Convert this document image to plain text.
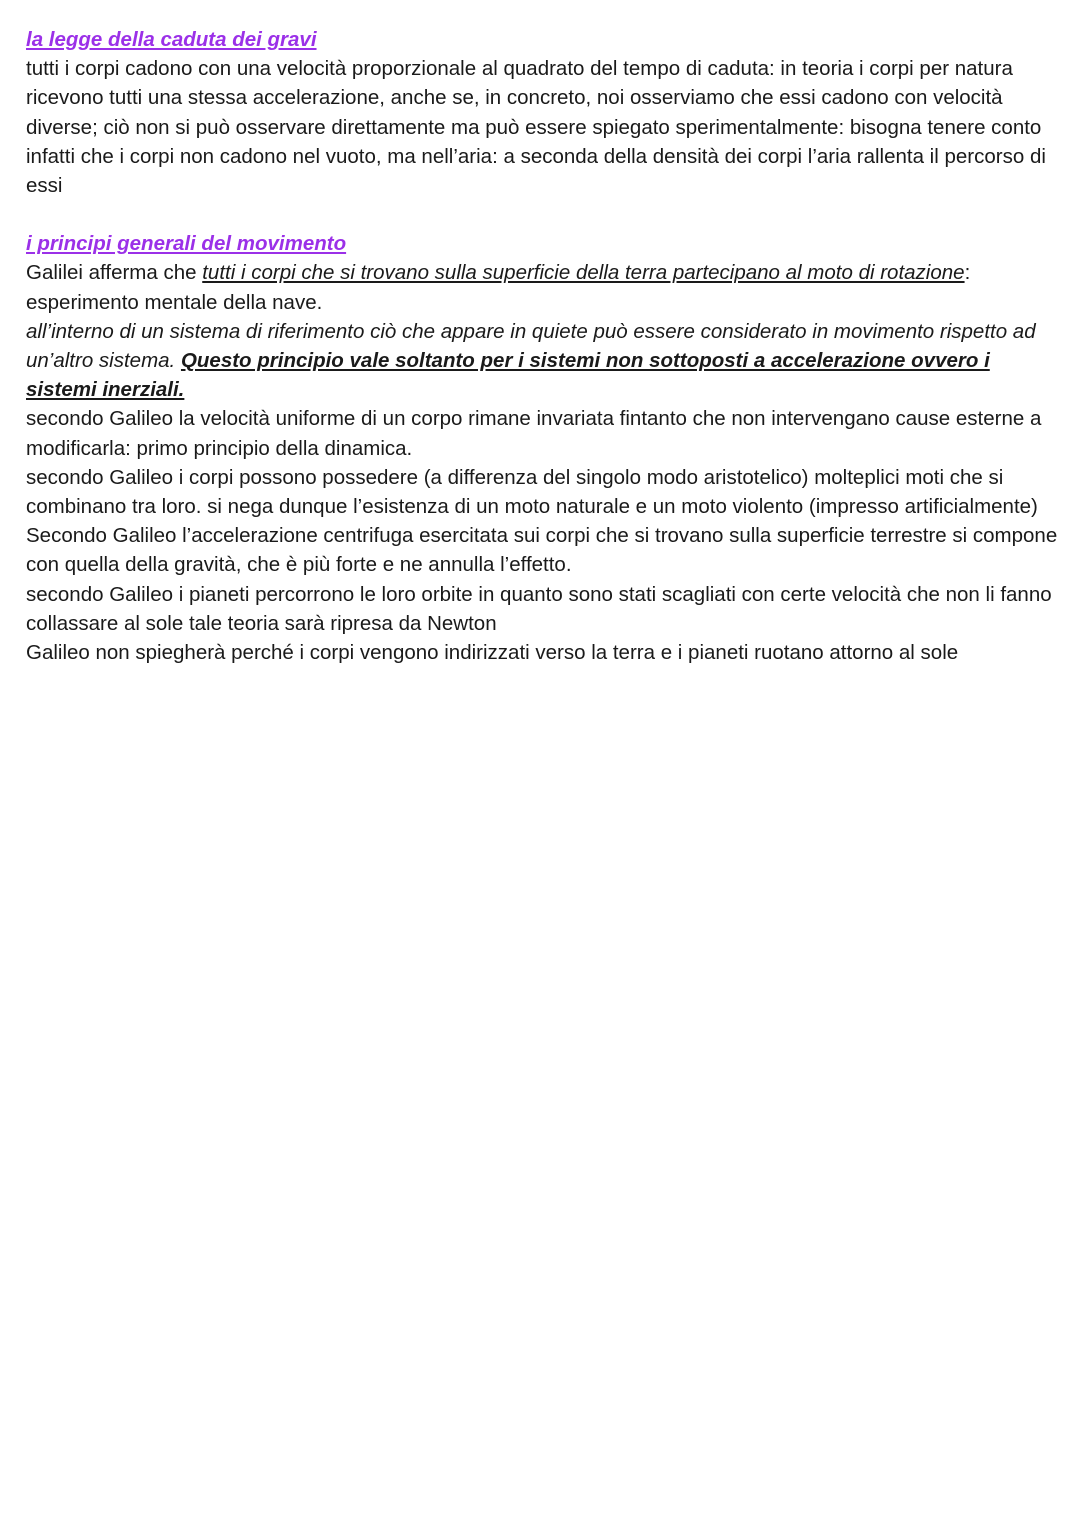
la legge della caduta dei gravi
tutti i corpi cadono con una velocità proporzionale al quadrato del tempo di caduta: in teoria i corpi per natura ricevono tutti una stessa accelerazione, anche se, in concreto, noi osserviamo che essi cadono con velocità diverse; ciò non si può osservare direttamente ma può essere spiegato sperimentalmente: bisogna tenere conto infatti che i corpi non cadono nel vuoto, ma nell’aria: a seconda della densità dei corpi l’aria rallenta il percorso di essi
i principi generali del movimento
Galilei afferma che tutti i corpi che si trovano sulla superficie della terra partecipano al moto di rotazione: esperimento mentale della nave.
all’interno di un sistema di riferimento ciò che appare in quiete può essere considerato in movimento rispetto ad un’altro sistema. Questo principio vale soltanto per i sistemi non sottoposti a accelerazione ovvero i sistemi inerziali.
secondo Galileo la velocità uniforme di un corpo rimane invariata fintanto che non intervengano cause esterne a modificarla: primo principio della dinamica.
secondo Galileo i corpi possono possedere (a differenza del singolo modo aristotelico) molteplici moti che si combinano tra loro. si nega dunque l’esistenza di un moto naturale e un moto violento (impresso artificialmente)
Secondo Galileo l’accelerazione centrifuga esercitata sui corpi che si trovano sulla superficie terrestre si compone con quella della gravità, che è più forte e ne annulla l’effetto.
secondo Galileo i pianeti percorrono le loro orbite in quanto sono stati scagliati con certe velocità che non li fanno collassare al sole tale teoria sarà ripresa da Newton
Galileo non spiegherà perché i corpi vengono indirizzati verso la terra e i pianeti ruotano attorno al sole
